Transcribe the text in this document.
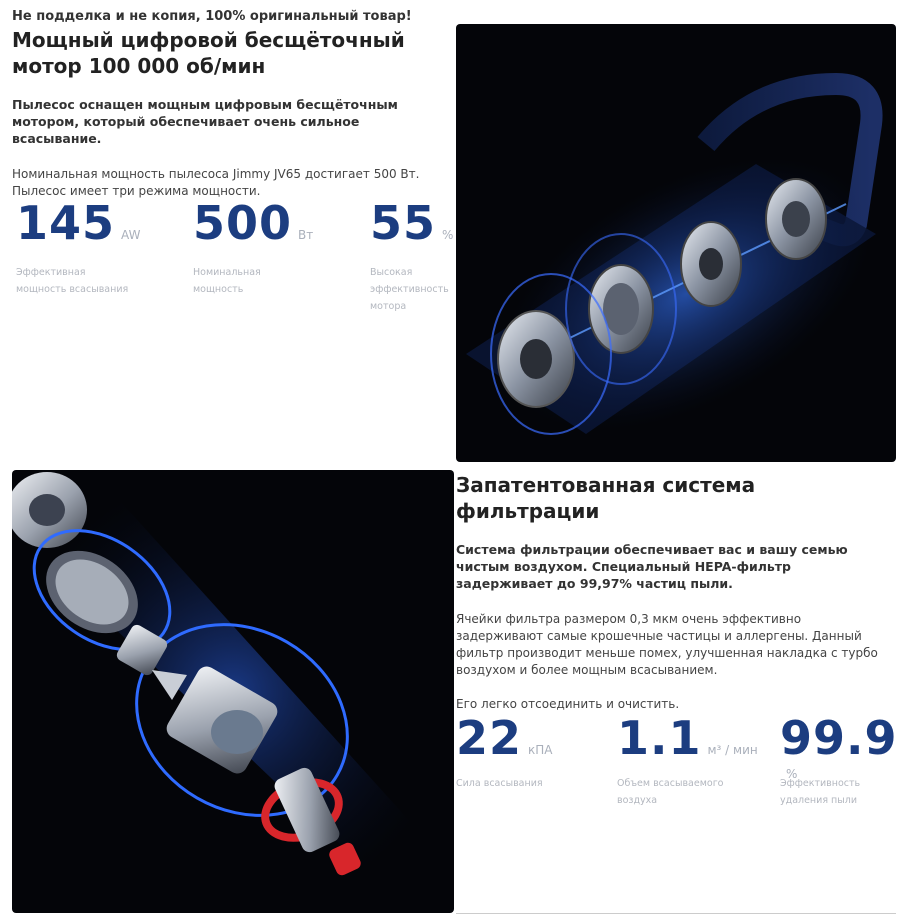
Не подделка и не копия, 100% оригинальный товар!
Мощный цифровой бесщёточный
мотор 100 000 об/мин
Пылесос оснащен мощным цифровым бесщёточным
мотором, который обеспечивает очень сильное
всасывание.
Номинальная мощность пылесоса Jimmy JV65 достигает 500 Вт.
Пылесос имеет три режима мощности.
145 AW 500 Вт 55 %
Эффективная
мощность всасывания
Номинальная
мощность
Высокая
эффективность
мотора
Запатентованная система
фильтрации
Система фильтрации обеспечивает вас и вашу семью
чистым воздухом. Специальный HEPA-фильтр
задерживает до 99,97% частиц пыли.
Ячейки фильтра размером 0,3 мкм очень эффективно
задерживают самые крошечные частицы и аллергены. Данный
фильтр производит меньше помех, улучшенная накладка с турбо
воздухом и более мощным всасыванием.
Его легко отсоединить и очистить.
22 кПА 1.1 м³ / мин 99.9%
Сила всасывания	Объем всасываемого
воздуха
Эффективность
удаления пыли
